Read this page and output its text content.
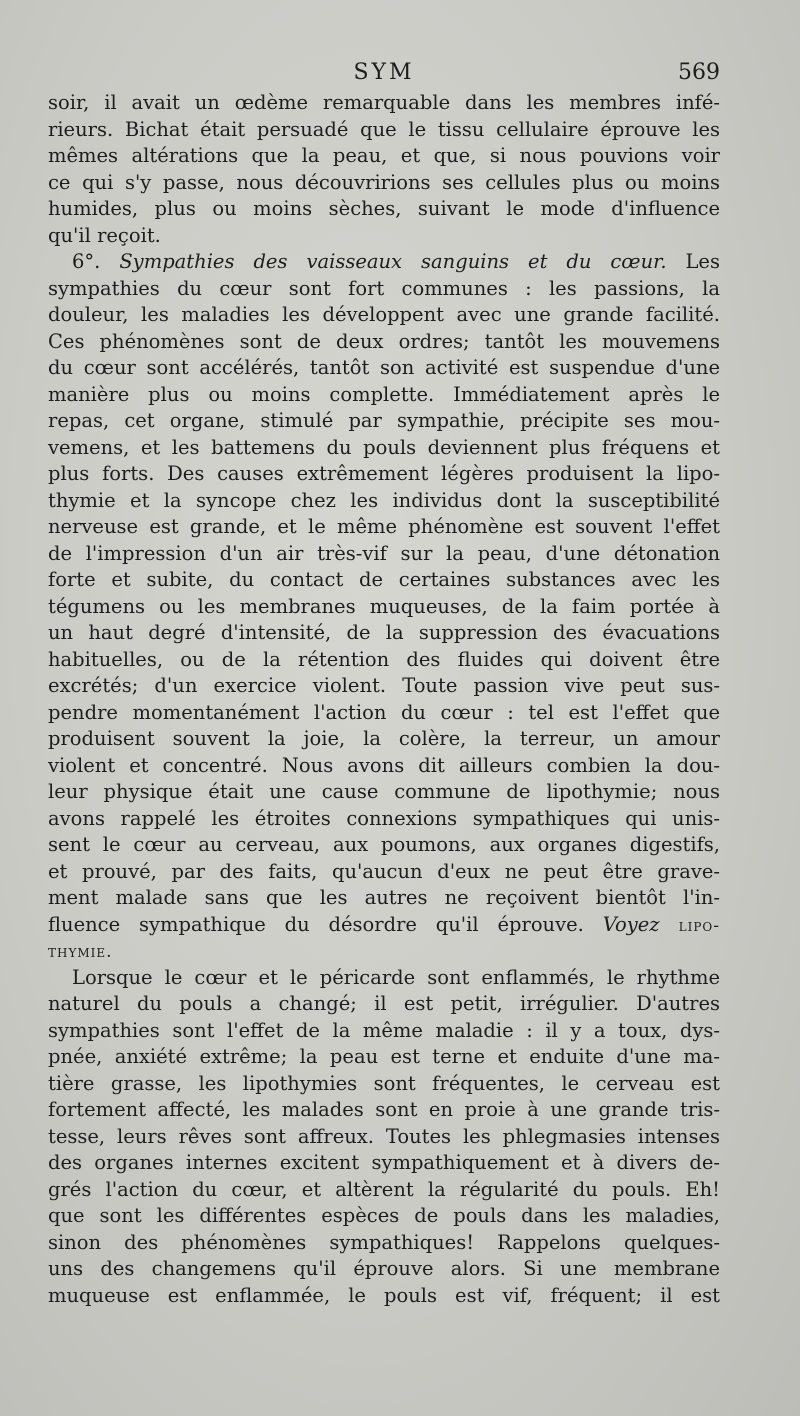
SYM	569
soir, il avait un œdème remarquable dans les membres infé-
rieurs. Bichat était persuadé que le tissu cellulaire éprouve les
mêmes altérations que la peau, et que, si nous pouvions voir
ce qui s'y passe, nous découvririons ses cellules plus ou moins
humides, plus ou moins sèches, suivant le mode d'influence
qu'il reçoit.
6°. Sympathies des vaisseaux sanguins et du cœur. Les
sympathies du cœur sont fort communes : les passions, la
douleur, les maladies les développent avec une grande facilité.
Ces phénomènes sont de deux ordres; tantôt les mouvemens
du cœur sont accélérés, tantôt son activité est suspendue d'une
manière plus ou moins complette. Immédiatement après le
repas, cet organe, stimulé par sympathie, précipite ses mou-
vemens, et les battemens du pouls deviennent plus fréquens et
plus forts. Des causes extrêmement légères produisent la lipo-
thymie et la syncope chez les individus dont la susceptibilité
nerveuse est grande, et le même phénomène est souvent l'effet
de l'impression d'un air très-vif sur la peau, d'une détonation
forte et subite, du contact de certaines substances avec les
tégumens ou les membranes muqueuses, de la faim portée à
un haut degré d'intensité, de la suppression des évacuations
habituelles, ou de la rétention des fluides qui doivent être
excrétés; d'un exercice violent. Toute passion vive peut sus-
pendre momentanément l'action du cœur : tel est l'effet que
produisent souvent la joie, la colère, la terreur, un amour
violent et concentré. Nous avons dit ailleurs combien la dou-
leur physique était une cause commune de lipothymie; nous
avons rappelé les étroites connexions sympathiques qui unis-
sent le cœur au cerveau, aux poumons, aux organes digestifs,
et prouvé, par des faits, qu'aucun d'eux ne peut être grave-
ment malade sans que les autres ne reçoivent bientôt l'in-
fluence sympathique du désordre qu'il éprouve. Voyez lipo-
thymie.
Lorsque le cœur et le péricarde sont enflammés, le rhythme
naturel du pouls a changé; il est petit, irrégulier. D'autres
sympathies sont l'effet de la même maladie : il y a toux, dys-
pnée, anxiété extrême; la peau est terne et enduite d'une ma-
tière grasse, les lipothymies sont fréquentes, le cerveau est
fortement affecté, les malades sont en proie à une grande tris-
tesse, leurs rêves sont affreux. Toutes les phlegmasies intenses
des organes internes excitent sympathiquement et à divers de-
grés l'action du cœur, et altèrent la régularité du pouls. Eh!
que sont les différentes espèces de pouls dans les maladies,
sinon des phénomènes sympathiques! Rappelons quelques-
uns des changemens qu'il éprouve alors. Si une membrane
muqueuse est enflammée, le pouls est vif, fréquent; il est
